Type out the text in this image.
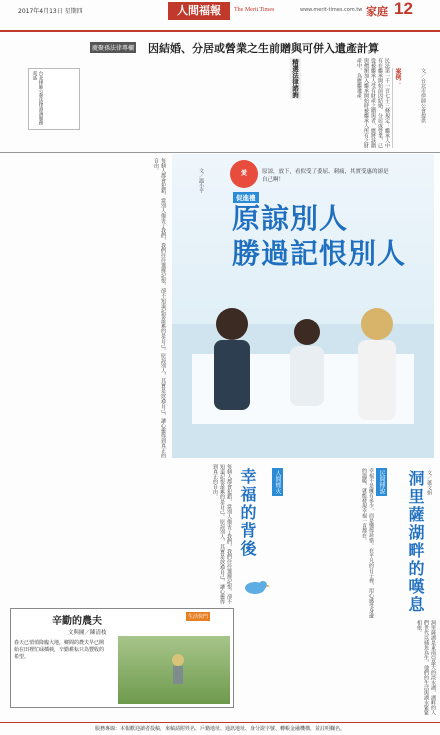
2017年4月13日 星期四	人間福報	The Merit Times	www.merit-times.com.tw 家庭 12

台北律師公會法律諮詢服務電話

慶聚孫法律專欄 因結婚、分居或營業之生前贈與可併入遺產計算
民法第一千一百七十三條規定：繼承人中有在繼承開始前因結婚、分居或營業，已從被繼承人受有財產之贈與者，應將該贈與價額加入繼承開始時被繼承人所有之財產中，為應繼遺產。
精選法律諮詢	案例：	文／台北市律師公會提供
每個人都會犯錯，當別人傷害了我們，我們往往選擇記恨，卻不知道記恨最累的是自己。原諒別人，其實是放過自己，讓心靈得到真正的自由。
愛
促進禮
原諒，放下，看似受了委屈、刺痛，其實受惠的卻是自己啊！
原諒別人
勝過記恨別人
文／溫小平
每個人都會犯錯，當別人傷害了我們，我們往往選擇記恨，卻不知道記恨最累的是自己。原諒別人，其實是放過自己，讓心靈得到真正的自由。	幸福的背後	人間煙火	幸福不是擁有多少，而是懂得珍惜。在平凡的日子裡，用心感受身邊的溫暖，就能發現幸福一直都在。	民間傳說 洞里薩湖畔的嘆息 文／蕭文娟
洞里薩湖是東南亞最大的淡水湖，湖畔的人們世代以捕魚為生，他們的生活與湖水緊緊相依。
辛勤的農夫	生活快門
文與圖／陳清枝
春天已悄悄降臨大地，鄉間的農夫早已開始在田裡忙碌插秧，辛勤耕耘只為豐收的希望。
服務專線：本報歡迎讀者投稿，來稿請附姓名、戶籍地址、通訊地址、身分證字號、轉帳金融機構，並註明欄名。
